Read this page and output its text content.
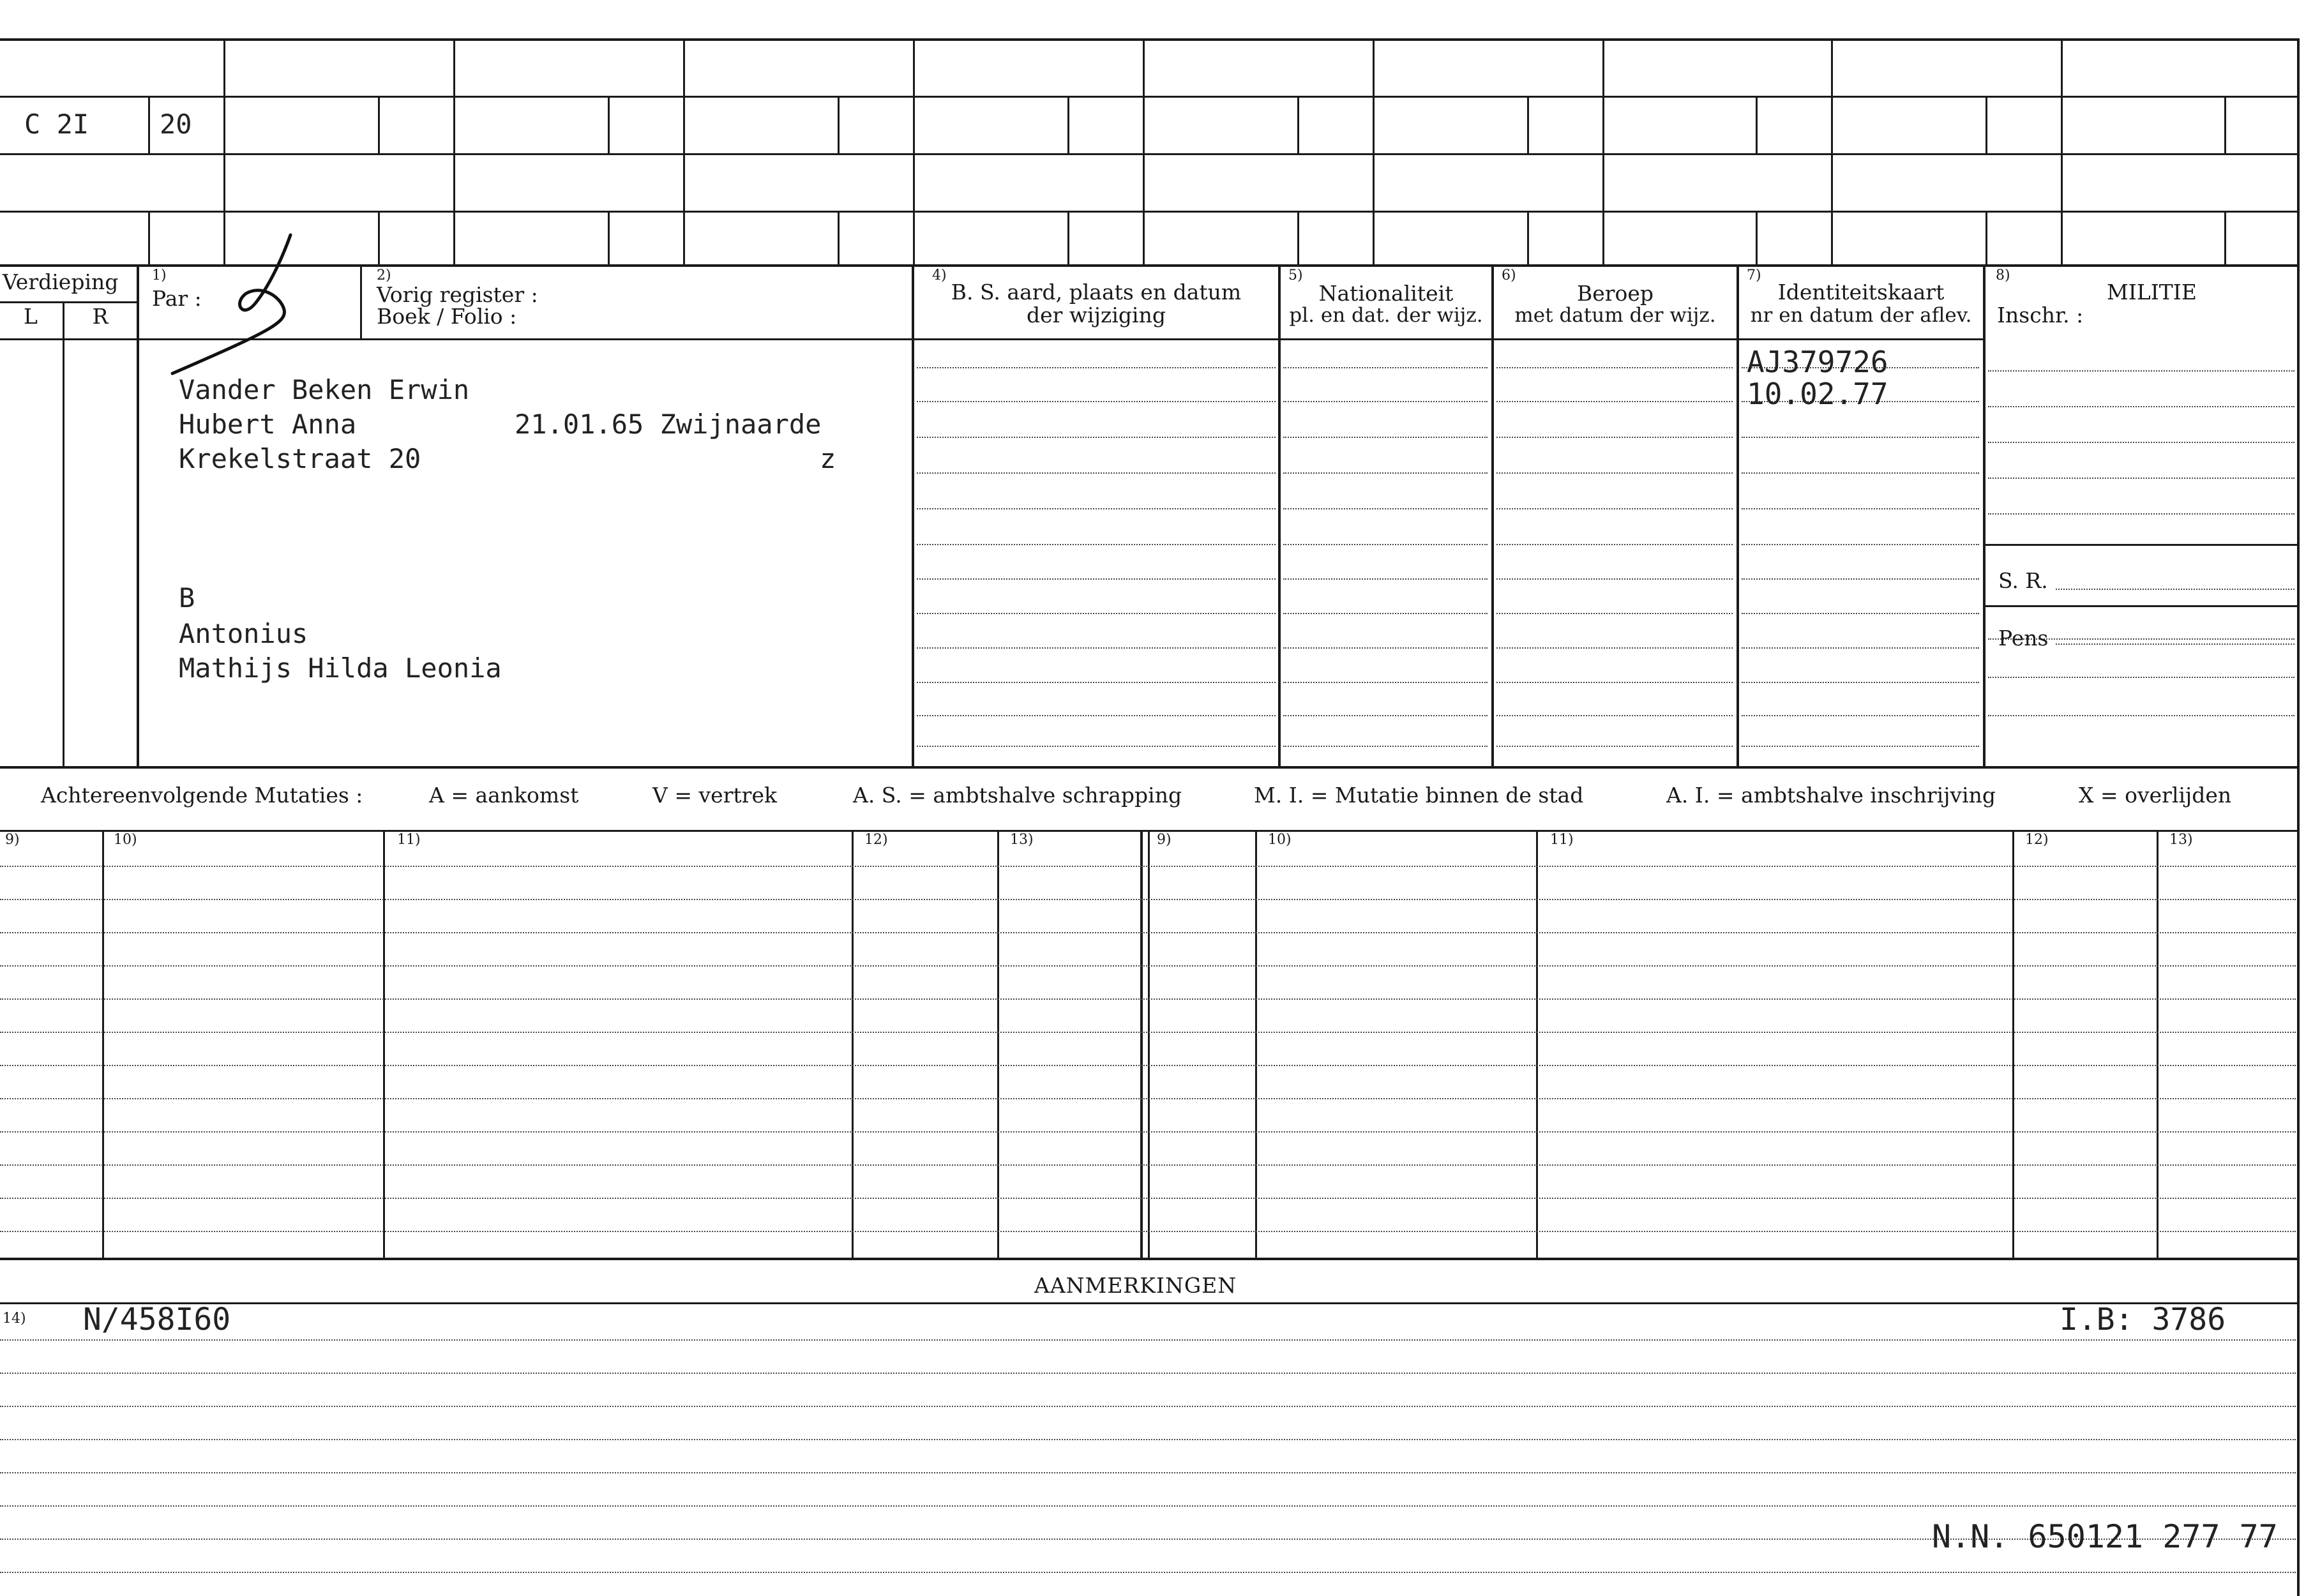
C 2I	20
Verdieping
L	R
1)
Par :
2)
Vorig register :
Boek / Folio :
4)
B. S. aard, plaats en datum
der wijziging
5)
Nationaliteit
pl. en dat. der wijz.
6)
Beroep
met datum der wijz.
7)
Identiteitskaart
nr en datum der aflev.
8)
MILITIE
Inschr. :
S. R.
Pens
Vander Beken Erwin
Hubert Anna	21.01.65 Zwijnaarde
Krekelstraat 20	z
B
Antonius
Mathijs Hilda Leonia
AJ379726
10.02.77
Achtereenvolgende Mutaties :	A = aankomst	V = vertrek	A. S. = ambtshalve schrapping	M. I. = Mutatie binnen de stad	A. I. = ambtshalve inschrijving	X = overlijden
9)	10)	11)	12)	13)	9)	10)	11)	12)	13)
AANMERKINGEN
14) N/458I60	I.B: 3786
N.N. 650121 277 77
